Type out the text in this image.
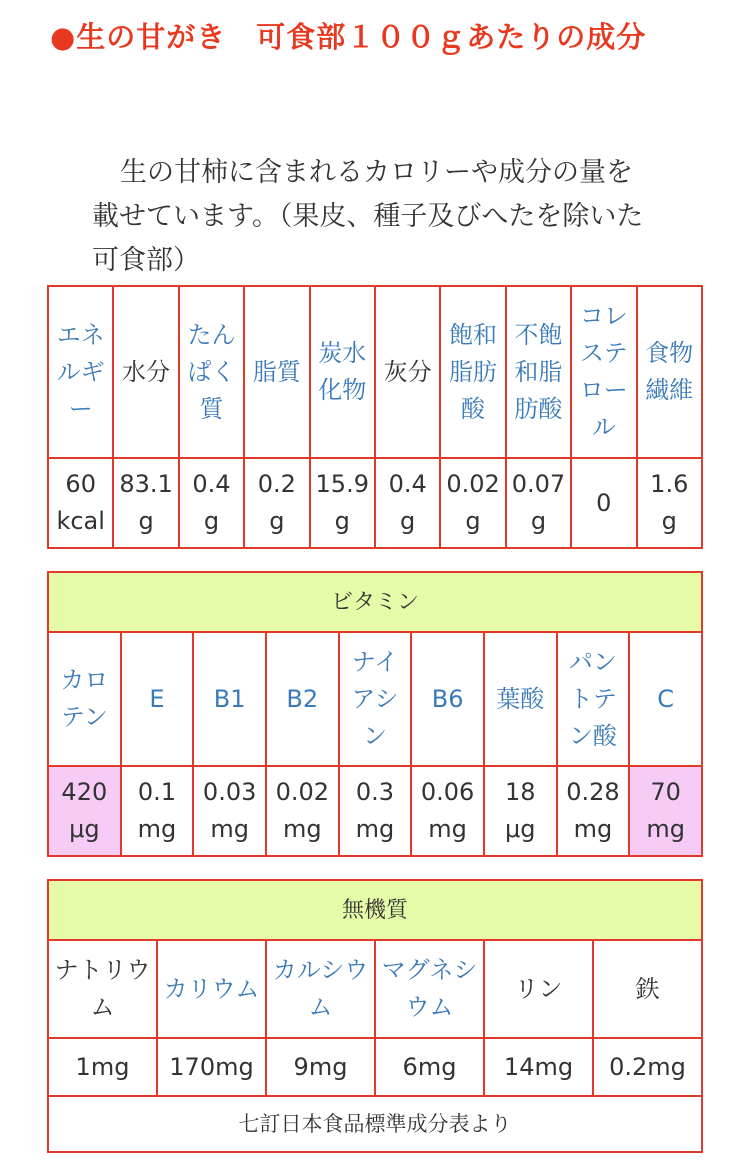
●生の甘がき　可食部１００ｇあたりの成分

生の甘柿に含まれるカロリーや成分の量を載せています。（果皮、種子及びへたを除いた可食部）

エネルギー	水分	たんぱく質	脂質	炭水化物	灰分	飽和脂肪酸	不飽和脂肪酸	コレステロール	食物繊維
60 kcal	83.1 g	0.4 g	0.2 g	15.9 g	0.4 g	0.02 g	0.07 g	0	1.6 g
ビタミン								
カロテン	E	B1	B2	ナイアシン	B6	葉酸	パントテン酸	C
420 μg	0.1 mg	0.03 mg	0.02 mg	0.3 mg	0.06 mg	18 μg	0.28 mg	70 mg
無機質					
ナトリウム	カリウム	カルシウム	マグネシウム	リン	鉄
1mg	170mg	9mg	6mg	14mg	0.2mg
七訂日本食品標準成分表より					
